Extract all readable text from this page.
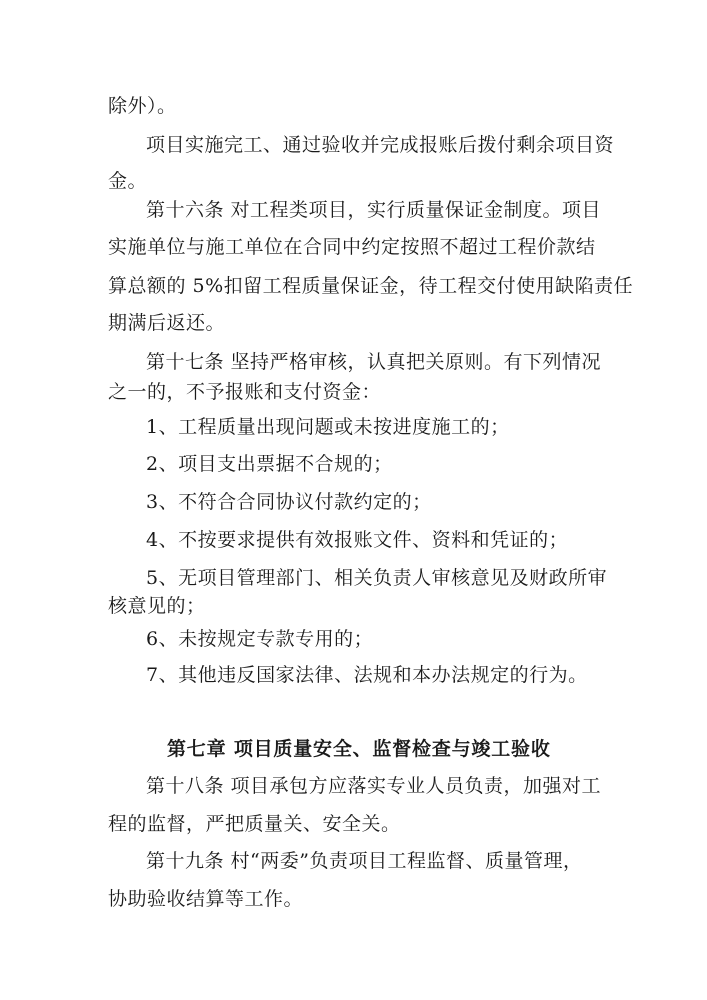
除外）。
项目实施完工、通过验收并完成报账后拨付剩余项目资
金。
第十六条 对工程类项目，实行质量保证金制度。项目
实施单位与施工单位在合同中约定按照不超过工程价款结
算总额的 5%扣留工程质量保证金，待工程交付使用缺陷责任
期满后返还。
第十七条 坚持严格审核，认真把关原则。有下列情况
之一的，不予报账和支付资金：
1、工程质量出现问题或未按进度施工的；
2、项目支出票据不合规的；
3、不符合合同协议付款约定的；
4、不按要求提供有效报账文件、资料和凭证的；
5、无项目管理部门、相关负责人审核意见及财政所审
核意见的；
6、未按规定专款专用的；
7、其他违反国家法律、法规和本办法规定的行为。
第七章 项目质量安全、监督检查与竣工验收
第十八条 项目承包方应落实专业人员负责，加强对工
程的监督，严把质量关、安全关。
第十九条 村“两委”负责项目工程监督、质量管理，
协助验收结算等工作。
